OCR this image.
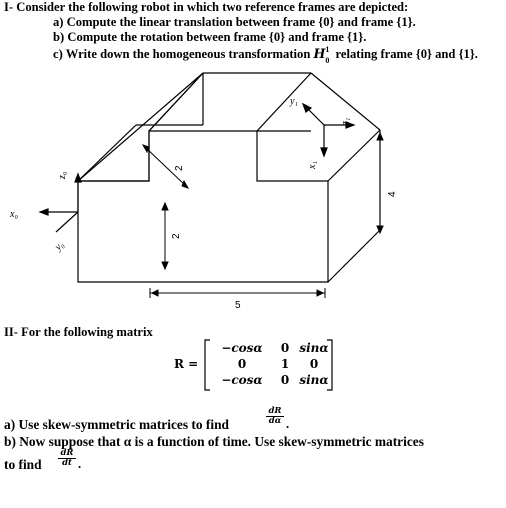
I- Consider the following robot in which two reference frames are depicted:
a) Compute the linear translation between frame {0} and frame {1}.
b) Compute the rotation between frame {0} and frame {1}.
c) Write down the homogeneous transformation H 1
0 relating frame {0} and {1}.
x₀
z₀
y₀
y₁
x₁
z₁
2
2
4
5
II- For the following matrix
R =
−cosα	0 sinα
0	1	0
−cosα	0 sinα
a) Use skew-symmetric matrices to find	$\frac{dR}{d\alpha}$ .
b) Now suppose that α is a function of time. Use skew-symmetric matrices
to find $\frac{dR}{dt}$ .
